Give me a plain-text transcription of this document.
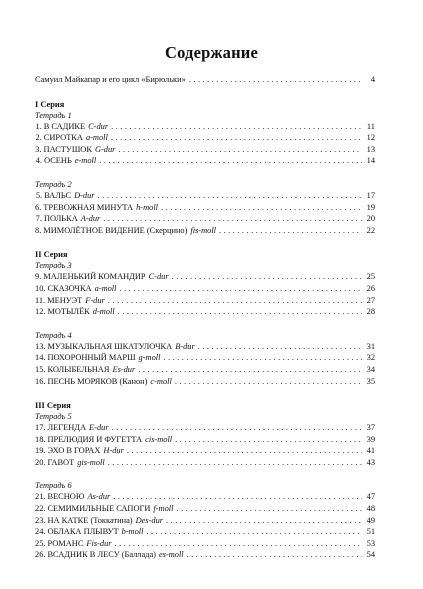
Содержание
Самуил Майкапар и его цикл «Бирюльки» . . .	4
I Серия
Тетрадь 1
1. В САДИКЕ C-dur . . .	11
2. СИРОТКА a-moll . . .	12
3. ПАСТУШОК G-dur . . .	13
4. ОСЕНЬ e-moll . . .	14
Тетрадь 2
5. ВАЛЬС D-dur . . .	17
6. ТРЕВОЖНАЯ МИНУТА h-moll . . .	19
7. ПОЛЬКА A-dur . . .	20
8. МИМОЛЁТНОЕ ВИДЕНИЕ (Скерцино) fis-moll . . .	22
II Серия
Тетрадь 3
9. МАЛЕНЬКИЙ КОМАНДИР C-dur . . .	25
10. СКАЗОЧКА a-moll . . .	26
11. МЕНУЭТ F-dur . . .	27
12. МОТЫЛЁК d-moll . . .	28
Тетрадь 4
13. МУЗЫКАЛЬНАЯ ШКАТУЛОЧКА B-dur . . .	31
14. ПОХОРОННЫЙ МАРШ g-moll . . .	32
15. КОЛЫБЕЛЬНАЯ Es-dur . . .	34
16. ПЕСНЬ МОРЯКОВ (Канон) c-moll . . .	35
III Серия
Тетрадь 5
17. ЛЕГЕНДА E-dur . . .	37
18. ПРЕЛЮДИЯ И ФУГЕТТА cis-moll . . .	39
19. ЭХО В ГОРАХ H-dur . . .	41
20. ГАВОТ gis-moll . . .	43
Тетрадь 6
21. ВЕСНОЮ As-dur . . .	47
22. СЕМИМИЛЬНЫЕ САПОГИ f-moll . . .	48
23. НА КАТКЕ (Токкатина) Des-dur . . .	49
24. ОБЛАКА ПЛЫВУТ b-moll . . .	51
25. РОМАНС Fis-dur . . .	53
26. ВСАДНИК В ЛЕСУ (Баллада) es-moll . . .	54
